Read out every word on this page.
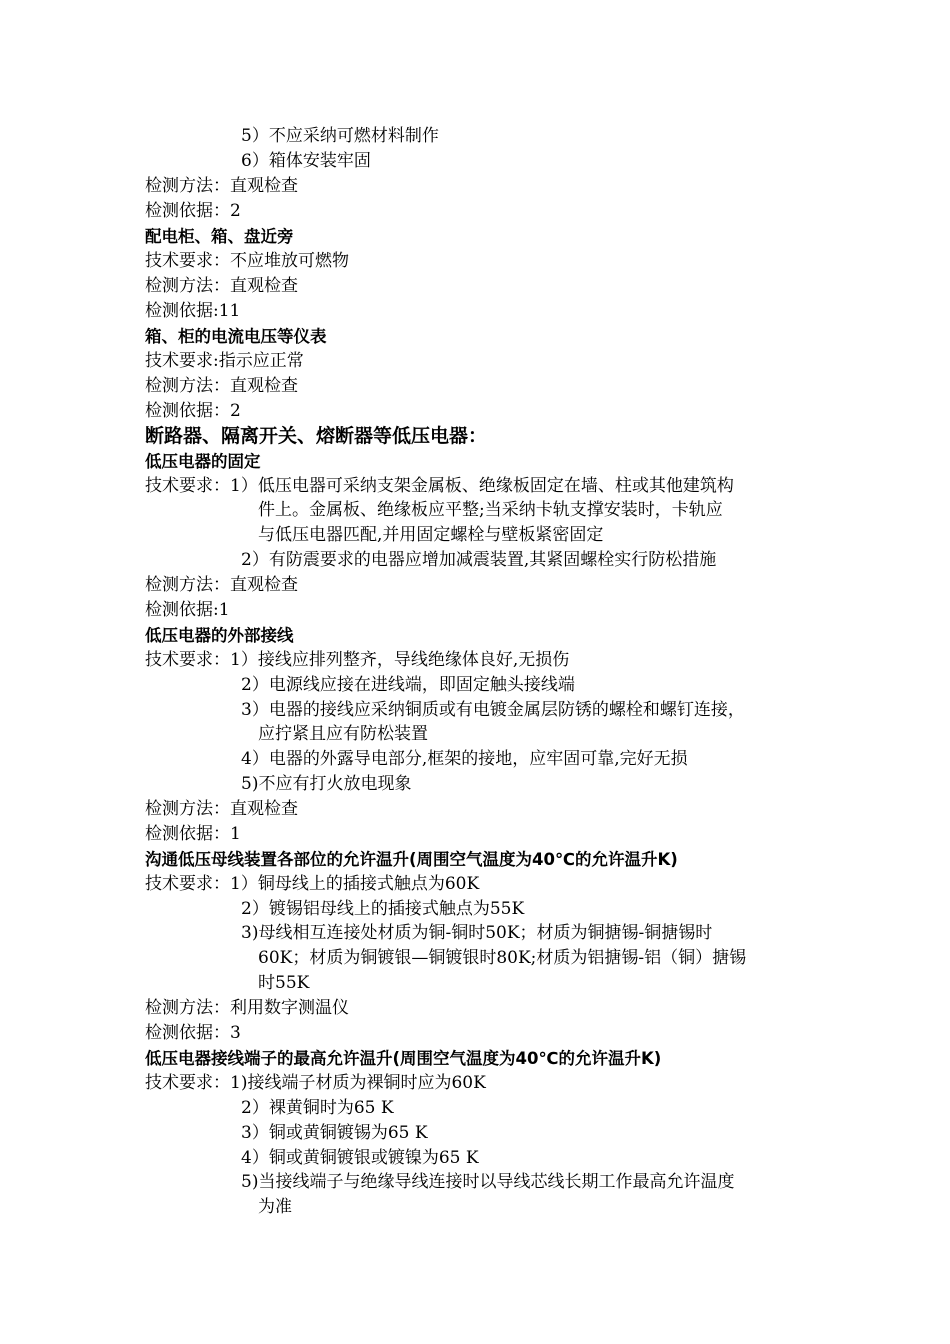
5）不应采纳可燃材料制作
6）箱体安装牢固
检测方法：直观检查
检测依据：2
配电柜、箱、盘近旁
技术要求：不应堆放可燃物
检测方法：直观检查
检测依据:11
箱、柜的电流电压等仪表
技术要求:指示应正常
检测方法：直观检查
检测依据：2
断路器、隔离开关、熔断器等低压电器：
低压电器的固定
技术要求：1）低压电器可采纳支架金属板、绝缘板固定在墙、柱或其他建筑构
件上。金属板、绝缘板应平整;当采纳卡轨支撑安装时，卡轨应
与低压电器匹配,并用固定螺栓与壁板紧密固定
2）有防震要求的电器应增加减震装置,其紧固螺栓实行防松措施
检测方法：直观检查
检测依据:1
低压电器的外部接线
技术要求：1）接线应排列整齐，导线绝缘体良好,无损伤
2）电源线应接在进线端，即固定触头接线端
3）电器的接线应采纳铜质或有电镀金属层防锈的螺栓和螺钉连接，
应拧紧且应有防松装置
4）电器的外露导电部分,框架的接地，应牢固可靠,完好无损
5)不应有打火放电现象
检测方法：直观检查
检测依据：1
沟通低压母线装置各部位的允许温升(周围空气温度为40℃的允许温升K)
技术要求：1）铜母线上的插接式触点为60K
2）镀锡铝母线上的插接式触点为55K
3)母线相互连接处材质为铜-铜时50K；材质为铜搪锡-铜搪锡时
60K；材质为铜镀银—铜镀银时80K;材质为铝搪锡-铝（铜）搪锡
时55K
检测方法：利用数字测温仪
检测依据：3
低压电器接线端子的最高允许温升(周围空气温度为40℃的允许温升K)
技术要求：1)接线端子材质为裸铜时应为60K
2）裸黄铜时为65 K
3）铜或黄铜镀锡为65 K
4）铜或黄铜镀银或镀镍为65 K
5)当接线端子与绝缘导线连接时以导线芯线长期工作最高允许温度
为准
